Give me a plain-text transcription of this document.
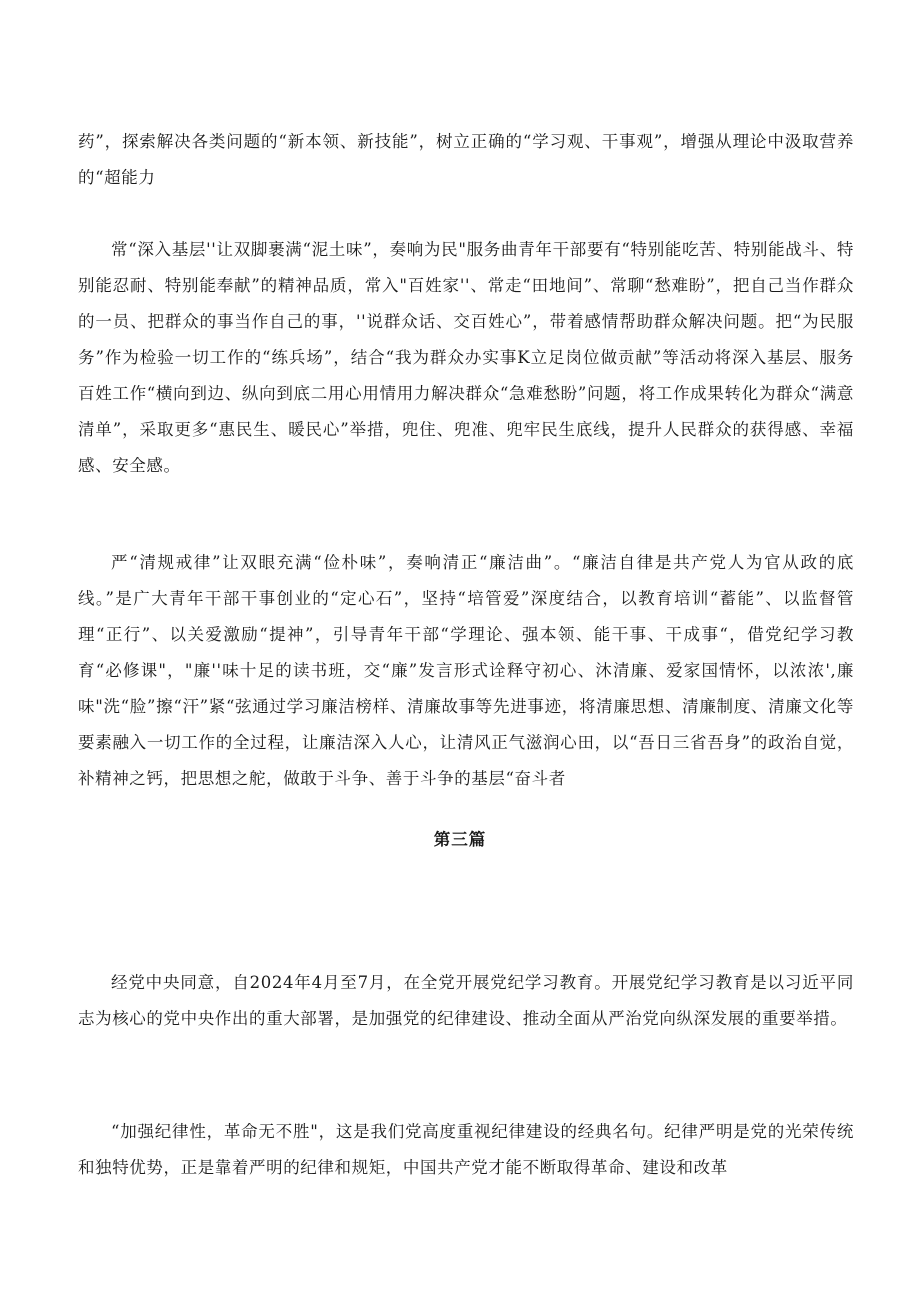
药”，探索解决各类问题的“新本领、新技能”，树立正确的“学习观、干事观”，增强从理论中汲取营养的“超能力

常“深入基层''让双脚裹满“泥土味”，奏响为民"服务曲青年干部要有“特别能吃苦、特别能战斗、特别能忍耐、特别能奉献”的精神品质，常入"百姓家''、常走“田地间”、常聊“愁难盼”，把自己当作群众的一员、把群众的事当作自己的事，''说群众话、交百姓心”，带着感情帮助群众解决问题。把“为民服务”作为检验一切工作的“练兵场”，结合“我为群众办实事K立足岗位做贡献”等活动将深入基层、服务百姓工作“横向到边、纵向到底二用心用情用力解决群众“急难愁盼”问题，将工作成果转化为群众“满意清单”，采取更多“惠民生、暖民心”举措，兜住、兜准、兜牢民生底线，提升人民群众的获得感、幸福感、安全感。

严“清规戒律”让双眼充满“俭朴味”，奏响清正“廉洁曲”。“廉洁自律是共产党人为官从政的底线。”是广大青年干部干事创业的“定心石”，坚持“培管爱”深度结合，以教育培训“蓄能”、以监督管理“正行”、以关爱激励“提神”，引导青年干部“学理论、强本领、能干事、干成事“，借党纪学习教育“必修课"，"廉''味十足的读书班，交“廉”发言形式诠释守初心、沐清廉、爱家国情怀，以浓浓',廉味"洗“脸”擦“汗”紧“弦通过学习廉洁榜样、清廉故事等先进事迹，将清廉思想、清廉制度、清廉文化等要素融入一切工作的全过程，让廉洁深入人心，让清风正气滋润心田，以“吾日三省吾身”的政治自觉，补精神之钙，把思想之舵，做敢于斗争、善于斗争的基层“奋斗者

第三篇

经党中央同意，自2024年4月至7月，在全党开展党纪学习教育。开展党纪学习教育是以习近平同志为核心的党中央作出的重大部署，是加强党的纪律建设、推动全面从严治党向纵深发展的重要举措。

“加强纪律性，革命无不胜"，这是我们党高度重视纪律建设的经典名句。纪律严明是党的光荣传统和独特优势，正是靠着严明的纪律和规矩，中国共产党才能不断取得革命、建设和改革
